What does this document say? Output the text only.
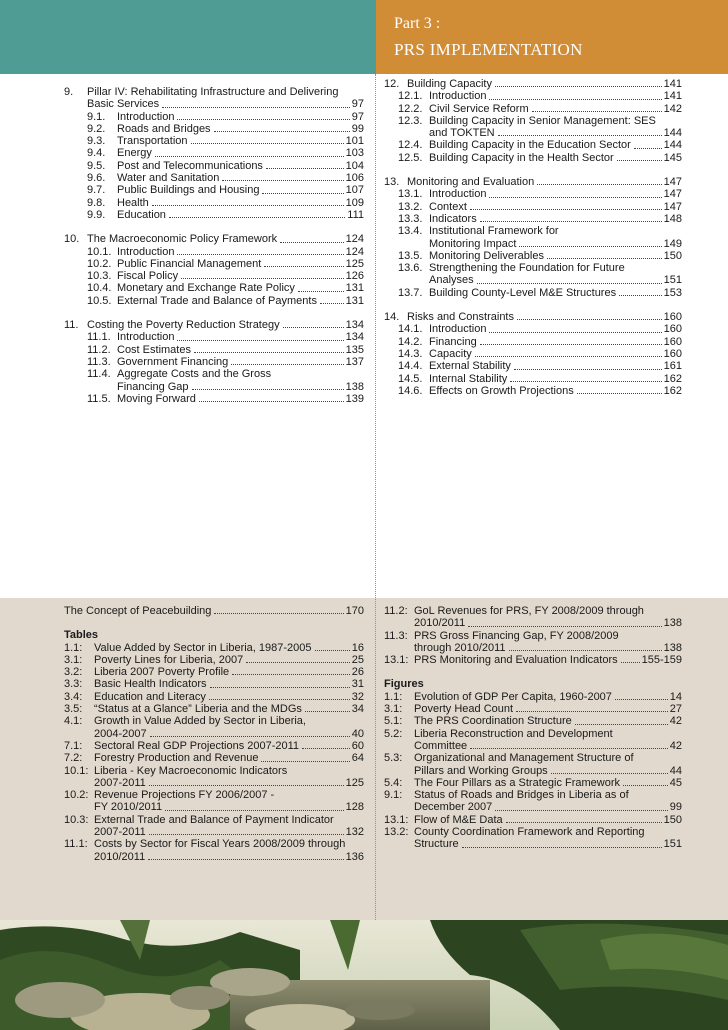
Part 3 :
PRS IMPLEMENTATION
9. Pillar IV: Rehabilitating Infrastructure and Delivering
Basic Services	97
9.1.	Introduction	97
9.2.	Roads and Bridges	99
9.3.	Transportation	101
9.4.	Energy	103
9.5.	Post and Telecommunications	104
9.6.	Water and Sanitation	106
9.7.	Public Buildings and Housing	107
9.8.	Health	109
9.9.	Education	111
10. The Macroeconomic Policy Framework	124
10.1. Introduction	124
10.2. Public Financial Management	125
10.3. Fiscal Policy	126
10.4. Monetary and Exchange Rate Policy	131
10.5. External Trade and Balance of Payments	131
11. Costing the Poverty Reduction Strategy	134
11.1. Introduction	134
11.2. Cost Estimates	135
11.3. Government Financing	137
11.4. Aggregate Costs and the Gross
Financing Gap	138
11.5. Moving Forward	139
12. Building Capacity	141
12.1. Introduction	141
12.2. Civil Service Reform	142
12.3. Building Capacity in Senior Management: SES
and TOKTEN	144
12.4. Building Capacity in the Education Sector	144
12.5. Building Capacity in the Health Sector	145
13. Monitoring and Evaluation	147
13.1. Introduction	147
13.2. Context	147
13.3. Indicators	148
13.4. Institutional Framework for
Monitoring Impact	149
13.5. Monitoring Deliverables	150
13.6. Strengthening the Foundation for Future
Analyses	151
13.7. Building County-Level M&E Structures	153
14. Risks and Constraints	160
14.1. Introduction	160
14.2. Financing	160
14.3. Capacity	160
14.4. External Stability	161
14.5. Internal Stability	162
14.6. Effects on Growth Projections	162
The Concept of Peacebuilding	170
Tables
1.1:	Value Added by Sector in Liberia, 1987-2005	16
3.1:	Poverty Lines for Liberia, 2007	25
3.2:	Liberia 2007 Poverty Profile	26
3.3:	Basic Health Indicators	31
3.4:	Education and Literacy	32
3.5:	“Status at a Glance” Liberia and the MDGs	34
4.1:	Growth in Value Added by Sector in Liberia,
2004-2007	40
7.1:	Sectoral Real GDP Projections 2007-2011	60
7.2:	Forestry Production and Revenue	64
10.1: Liberia - Key Macroeconomic Indicators
2007-2011	125
10.2: Revenue Projections FY 2006/2007 -
FY 2010/2011	128
10.3: External Trade and Balance of Payment Indicator
2007-2011	132
11.1: Costs by Sector for Fiscal Years 2008/2009 through
2010/2011	136
11.2: GoL Revenues for PRS, FY 2008/2009 through
2010/2011	138
11.3: PRS Gross Financing Gap, FY 2008/2009
through 2010/2011	138
13.1: PRS Monitoring and Evaluation Indicators 155-159
Figures
1.1:	Evolution of GDP Per Capita, 1960-2007	14
3.1:	Poverty Head Count	27
5.1:	The PRS Coordination Structure	42
5.2:	Liberia Reconstruction and Development
Committee	42
5.3:	Organizational and Management Structure of
Pillars and Working Groups	44
5.4:	The Four Pillars as a Strategic Framework	45
9.1:	Status of Roads and Bridges in Liberia as of
December 2007	99
13.1: Flow of M&E Data	150
13.2: County Coordination Framework and Reporting
Structure	151
